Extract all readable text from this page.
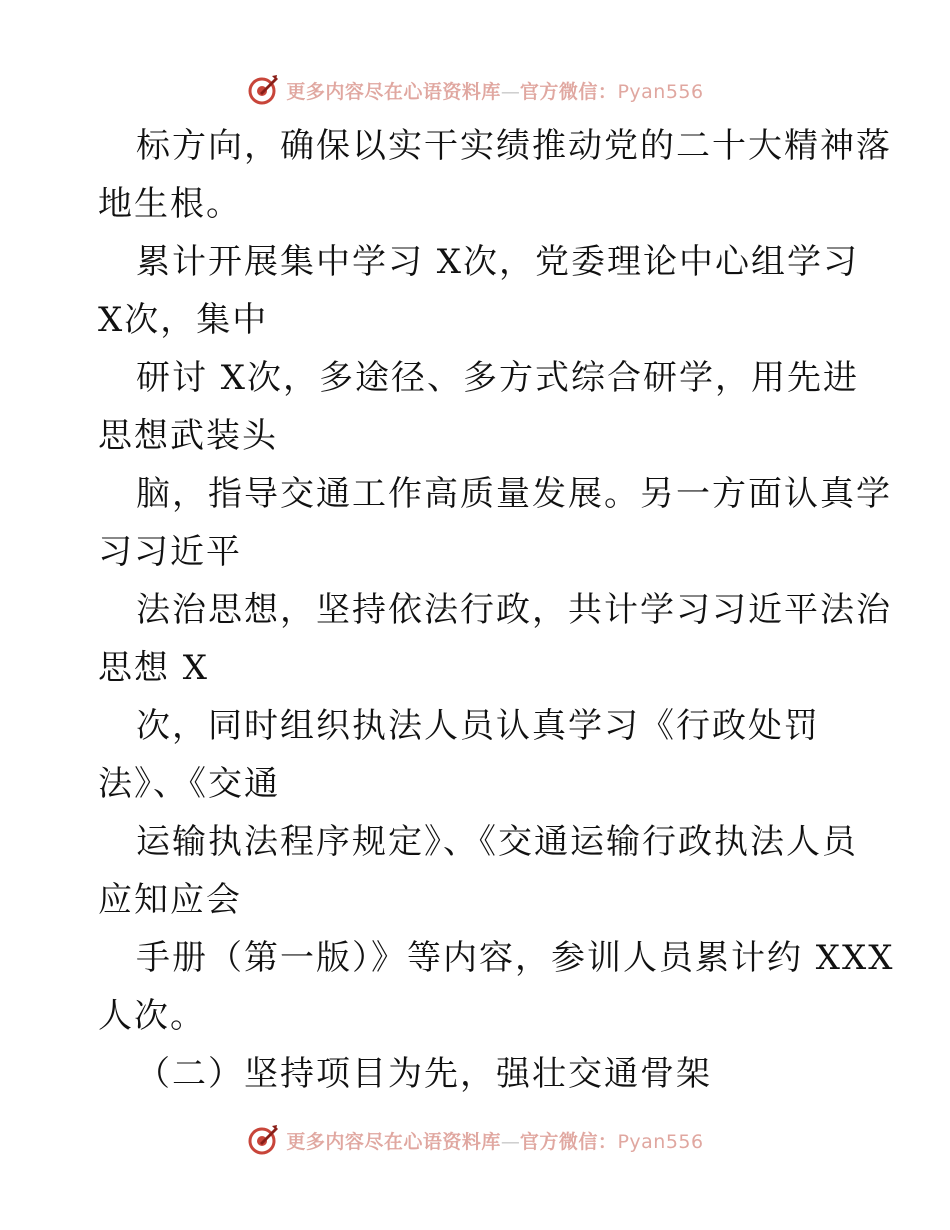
更多内容尽在心语资料库—官方微信：Pyan556
标方向，确保以实干实绩推动党的二十大精神落
地生根。
累计开展集中学习 X次，党委理论中心组学习
X次，集中
研讨 X次，多途径、多方式综合研学，用先进
思想武装头
脑，指导交通工作高质量发展。另一方面认真学
习习近平
法治思想，坚持依法行政，共计学习习近平法治
思想 X
次，同时组织执法人员认真学习《行政处罚
法》、《交通
运输执法程序规定》、《交通运输行政执法人员
应知应会
手册（第一版）》等内容，参训人员累计约 XXX
人次。
（二）坚持项目为先，强壮交通骨架
更多内容尽在心语资料库—官方微信：Pyan556
